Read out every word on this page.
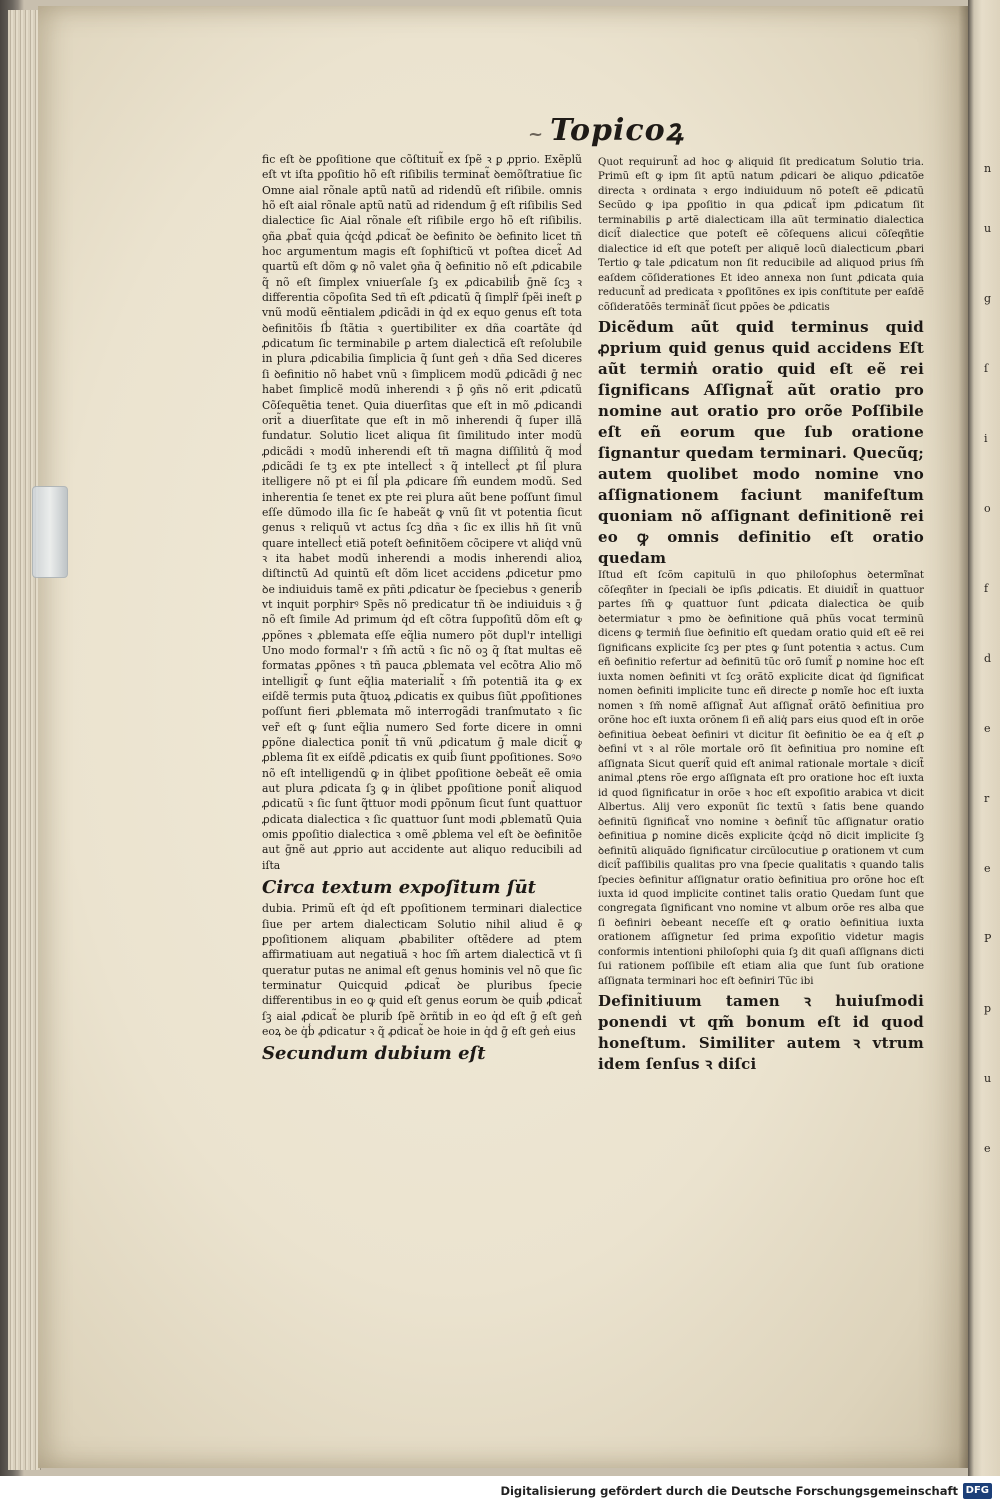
n
u
g
ſ
i
o
f
d
e
r
e
P
p
u
e
~ Topicoꝝ

fic eſt ꝺe ꝑpoſitione que cõſtituit̃ ex ſpẽ ꝛ ꝑ ꝓprio. Exẽplũ eſt vt iſta ꝑpoſitio hõ eſt riſibilis terminat̃ ꝺemõſtratiue ſic Omne aial rõnale aptũ natũ ad ridendũ eſt riſibile. omnis hõ eſt aial rõnale aptũ natũ ad ridendum ḡ eſt riſibilis Sed dialectice ſic Aial rõnale eſt riſibile ergo hõ eſt riſibilis. ꝯña ꝓbat̃ quia q̇cq̇d ꝓdicat̃ ꝺe ꝺefinito ꝺe ꝺefinito licet tñ hoc argumentum magis eſt ſophiſticũ vt poſtea dicet̃ Ad quartũ eſt dõm ꝙ nõ valet ꝯña q̃ ꝺefinitio nõ eſt ꝓdicabile q̃ nõ eſt ſimplex vniuerſale ſꝫ ex ꝓdicabilib̾ ḡnẽ ſcꝫ ꝛ differentia cõpoſita Sed tñ eſt ꝓdicatũ q̃ ſimplr̃ ſpẽi ineſt ꝑ vnũ modũ eẽntialem ꝓdicãdi in q̇d ex equo genus eſt tota ꝺefinitõis ſb̾ ſtãtia ꝛ ꝯuertibiliter ex dña coartãte q̇d ꝓdicatum ſic terminabile ꝑ artem dialecticã eſt reſolubile in plura ꝓdicabilia ſimplicia q̃ ſunt gen̾ ꝛ dña Sed diceres ſi ꝺefinitio nõ habet vnũ ꝛ ſimplicem modũ ꝓdicãdi ḡ nec habet ſimplicẽ modũ inherendi ꝛ p̃ ꝯñs nõ erit ꝓdicatũ Cõſequẽtia tenet. Quia diuerſitas que eſt in mõ ꝓdicandi orit̃ a diuerſitate que eſt in mõ inherendi q̃ ſuper illã fundatur. Solutio licet aliqua ſit ſimilitudo inter modũ ꝓdicãdi ꝛ modũ inherendi eſt tñ magna diſſilitu̾ q̃ mod̾ ꝓdicãdi ſe tꝫ ex pte intellect̾ ꝛ q̃ intellect̾ ꝓt ſil̾ plura itelligere nõ pt ei ſil̾ pla ꝓdicare ſm̃ eundem modũ. Sed inherentia ſe tenet ex pte rei plura aũt bene poſſunt ſimul eſſe dũmodo illa ſic ſe habeãt ꝙ vnũ ſit vt potentia ſicut genus ꝛ reliquũ vt actus ſcꝫ dña ꝛ ſic ex illis hñ ſit vnũ quare intellect̾ etiã poteſt ꝺefinitõem cõcipere vt aliq̇d vnũ ꝛ ita habet modũ inherendi a modis inherendi alioꝝ diſtinctũ Ad quintũ eſt dõm licet accidens ꝓdicetur pmo ꝺe indiuiduis tamẽ ex pñti ꝓdicatur ꝺe ſpeciebus ꝛ generib̾ vt inquit porphirꝰ Spẽs nõ predicatur tñ ꝺe indiuiduis ꝛ ḡ nõ eſt ſimile Ad primum q̇d eſt cõtra ſuppoſitũ dõm eſt ꝙ ꝓpõnes ꝛ ꝓblemata eſſe eq̃lia numero põt dupl'r intelligi Uno modo formal'r ꝛ ſm̃ actũ ꝛ ſic nõ oꝫ q̃ ſtat multas eẽ formatas ꝓpõnes ꝛ tñ pauca ꝓblemata vel ecõtra Alio mõ intelligit̃ ꝙ ſunt eq̃lia materialit̃ ꝛ ſm̃ potentiã ita ꝙ ex eiſdẽ termis puta q̃tuoꝝ ꝓdicatis ex quibus ſiũt ꝓpoſitiones poſſunt fieri ꝓblemata mõ interrogãdi tranſmutato ꝛ ſic ver̃ eſt ꝙ ſunt eq̃lia numero Sed forte dicere in omni ꝑpõne dialectica ponit̃ tñ vnũ ꝓdicatum ḡ male dicit̃ ꝙ ꝓblema ſit ex eiſdẽ ꝓdicatis ex quib̾ ſiunt ꝑpoſitiones. Soꝰo nõ eſt intelligendũ ꝙ in q̇libet ꝑpoſitione ꝺebeãt eẽ omia aut plura ꝓdicata ſꝫ ꝙ in q̇libet ꝑpoſitione ponit̃ aliquod ꝓdicatũ ꝛ ſic ſunt q̃ttuor modi ꝑpõnum ſicut ſunt quattuor ꝓdicata dialectica ꝛ ſic quattuor ſunt modi ꝓblematũ Quia omis ꝑpoſitio dialectica ꝛ omẽ ꝓblema vel eſt ꝺe ꝺefinitõe aut ḡnẽ aut ꝓprio aut accidente aut aliquo reducibili ad iſta

Circa textum expoſitum ſūt

dubia. Primũ eſt q̇d eſt ꝑpoſitionem terminari dialectice ſiue per artem dialecticam Solutio nihil aliud ē ꝙ ꝑpoſitionem aliquam ꝓbabiliter oſtẽdere ad ptem affirmatiuam aut negatiuã ꝛ hoc ſm̃ artem dialecticã vt ſi queratur putas ne animal eſt genus hominis vel nõ que ſic terminatur Quicquid ꝓdicat̃ ꝺe pluribus ſpecie differentibus in eo ꝙ quid eſt genus eorum ꝺe quib̾ ꝓdicat̃ ſꝫ aial ꝓdicat̃ ꝺe plurib̾ ſpẽ ꝺrñtib̾ in eo q̇d eſt ḡ eſt gen̾ eoꝝ ꝺe q̇b̾ ꝓdicatur ꝛ q̃ ꝓdicat̃ ꝺe hoie in q̇d ḡ eſt gen̾ eius

Secundum dubium eſt

Quot requirunt̃ ad hoc ꝙ aliquid ſit predicatum Solutio tria. Primũ eſt ꝙ ipm ſit aptũ natum ꝓdicari ꝺe aliquo ꝓdicatõe directa ꝛ ordinata ꝛ ergo indiuiduum nõ poteſt eẽ ꝓdicatũ Secũdo ꝙ ipa ꝑpoſitio in qua ꝓdicat̃ ipm ꝓdicatum ſit terminabilis ꝑ artẽ dialecticam illa aũt terminatio dialectica dicit̃ dialectice que poteſt eẽ cõſequens alicui cõſeqñtie dialectice id eſt que poteſt per aliquẽ locũ dialecticum ꝓbari Tertio ꝙ tale ꝓdicatum non ſit reducibile ad aliquod prius ſm̃ eaſdem cõſiderationes Et ideo annexa non ſunt ꝓdicata quia reducunt̃ ad predicata ꝛ ꝑpoſitõnes ex ipis conſtitute per eaſdẽ cõſideratõẽs terminãt̃ ſicut ꝑpões ꝺe ꝓdicatis

Dicẽdum aũt quid terminus quid ꝓprium quid genus quid accidens Eſt aũt termin̾ oratio quid eſt eẽ rei ſignificans Aſſignat̃ aũt oratio pro nomine aut oratio pro orõe Poſſibile eſt eñ eorum que ſub oratione ſignantur quedam terminari. Quecũq; autem quolibet modo nomine vno aſſignationem faciunt manifeſtum quoniam nõ aſſignant definitionẽ rei eo ꝙ omnis definitio eſt oratio quedam

Iſtud eſt ſcõm capitulũ in quo philoſophus ꝺetermĩnat cõſeqñter in ſpeciali ꝺe ipſis ꝓdicatis. Et diuidit̃ in quattuor partes ſm̃ ꝙ quattuor ſunt ꝓdicata dialectica ꝺe quib̾ ꝺetermiatur ꝛ pmo ꝺe ꝺefinitione quã phũs vocat terminũ dicens ꝙ termin̾ ſiue ꝺefinitio eſt quedam oratio quid eſt eẽ rei ſignificans explicite ſcꝫ per ptes ꝙ ſunt potentia ꝛ actus. Cum eñ ꝺefinitio refertur ad ꝺefinitũ tũc orõ ſumit̃ ꝑ nomine hoc eſt iuxta nomen ꝺefiniti vt ſcꝫ orãtõ explicite dicat q̇d ſignificat nomen ꝺefiniti implicite tunc eñ directe ꝑ nomĩe hoc eſt iuxta nomen ꝛ ſm̃ nomẽ aſſignat̃ Aut aſſignat̃ orãtõ ꝺefinitiua pro orõne hoc eſt iuxta orõnem ſi eñ aliq̇ pars eius quod eſt in orõe ꝺefinitiua ꝺebeat ꝺefiniri vt dicitur ſit ꝺefinitio ꝺe ea q̇ eſt ꝓ ꝺefini̾ vt ꝛ al rõle mortale orõ ſit ꝺefinitiua pro nomine eſt aſſignata Sicut querit̃ quid eſt animal rationale mortale ꝛ dicit̃ animal ꝓtens rõe ergo aſſignata eſt pro oratione hoc eſt iuxta id quod ſignificatur in orõe ꝛ hoc eſt expoſitio arabica vt dicit Albertus. Alij vero exponũt ſic textũ ꝛ ſatis bene quando ꝺefinitũ ſignificat̃ vno nomine ꝛ ꝺefinit̃ tũc aſſignatur oratio ꝺefinitiua ꝑ nomine dicẽs explicite q̇cq̇d nõ dicit implicite ſꝫ ꝺefinitũ aliquãdo ſignificatur circũlocutiue ꝑ orationem vt cum dicit̃ paſſibilis qualitas pro vna ſpecie qualitatis ꝛ quando talis ſpecies ꝺefinitur aſſignatur oratio ꝺefinitiua pro orõne hoc eſt iuxta id quod implicite continet talis oratio Quedam ſunt que congregata ſignificant vno nomine vt album orõe res alba que ſi ꝺefiniri ꝺebeant neceſſe eſt ꝙ oratio ꝺefinitiua iuxta orationem aſſignetur ſed prima expoſitio videtur magis conformis intentioni philoſophi quia ſꝫ dit quaſi aſſignans dicti ſui rationem poſſibile eſt etiam alia que ſunt ſub oratione aſſignata terminari hoc eſt ꝺefiniri Tũc ibi

Definitiuum tamen ꝛ huiuſmodi ponendi vt qm̃ bonum eſt id quod honeſtum. Similiter autem ꝛ vtrum idem ſenſus ꝛ diſci
Digitalisierung gefördert durch die Deutsche Forschungsgemeinschaft DFG
